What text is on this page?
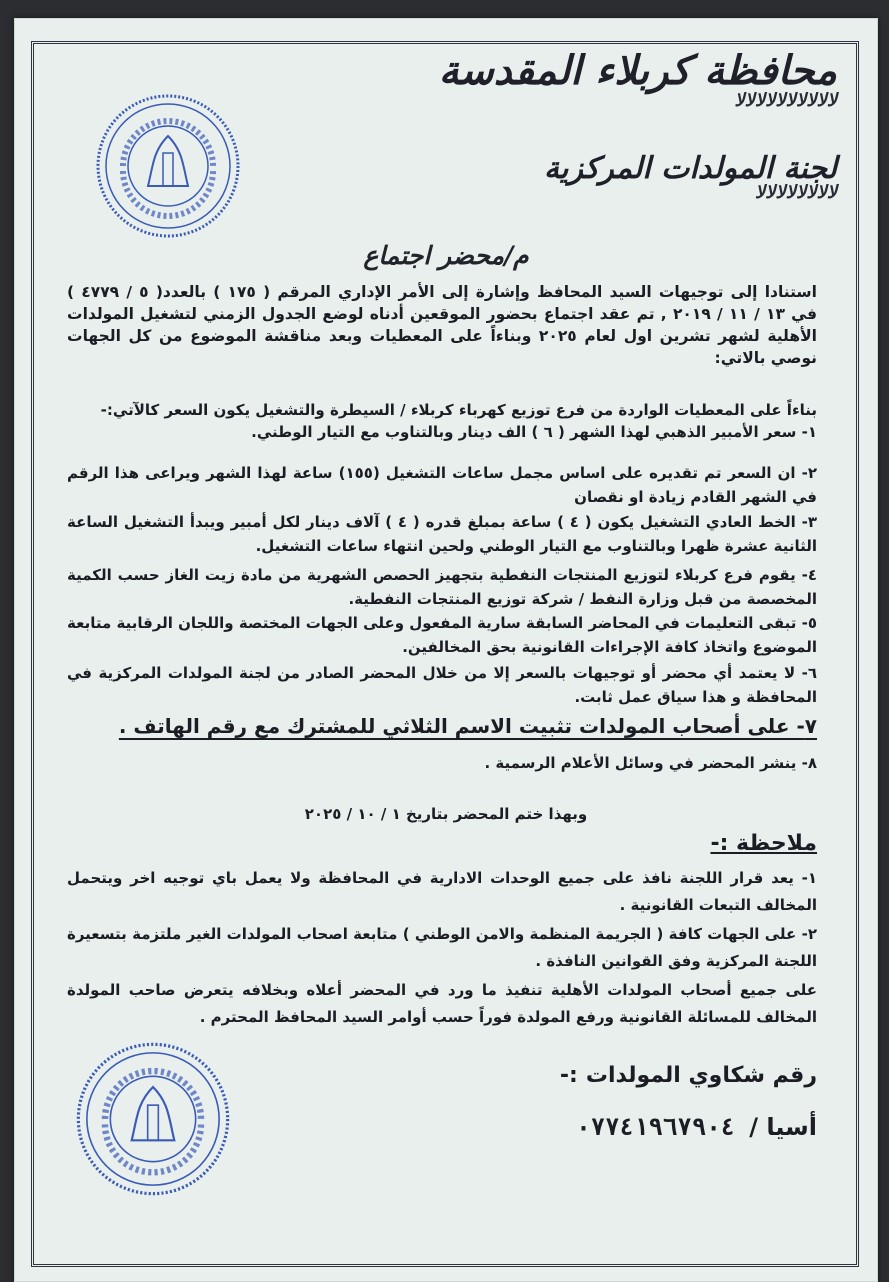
محافظة كربلاء المقدسة
ﻻﻻﻻﻻﻻﻻﻻﻻﻻﻻ
لجنة المولدات المركزية
ﻻﻻﻻﻻﻻﻻﻻﻻ
م/محضر اجتماع
استنادا إلى توجيهات السيد المحافظ وإشارة إلى الأمر الإداري المرقم ( ١٧٥ ) بالعدد( ٥ / ٤٧٧٩ ) في ١٣ / ١١ / ٢٠١٩ , تم عقد اجتماع بحضور الموقعين أدناه لوضع الجدول الزمني لتشغيل المولدات الأهلية لشهر تشرين اول لعام ٢٠٢٥ وبناءاً على المعطيات وبعد مناقشة الموضوع من كل الجهات نوصي بالاتي:
بناءاً على المعطيات الواردة من فرع توزيع كهرباء كربلاء / السيطرة والتشغيل يكون السعر كالآتي:-
١- سعر الأمبير الذهبي لهذا الشهر ( ٦ ) الف دينار وبالتناوب مع التيار الوطني.
٢- ان السعر تم تقديره على اساس مجمل ساعات التشغيل (١٥٥) ساعة لهذا الشهر ويراعى هذا الرقم في الشهر القادم زيادة او نقصان
٣- الخط العادي التشغيل يكون ( ٤ ) ساعة بمبلغ قدره ( ٤ ) آلاف دينار لكل أمبير ويبدأ التشغيل الساعة الثانية عشرة ظهرا وبالتناوب مع التيار الوطني ولحين انتهاء ساعات التشغيل.
٤- يقوم فرع كربلاء لتوزيع المنتجات النفطية بتجهيز الحصص الشهرية من مادة زيت الغاز حسب الكمية المخصصة من قبل وزارة النفط / شركة توزيع المنتجات النفطية.
٥- تبقى التعليمات في المحاضر السابقة سارية المفعول وعلى الجهات المختصة واللجان الرقابية متابعة الموضوع واتخاذ كافة الإجراءات القانونية بحق المخالفين.
٦- لا يعتمد أي محضر أو توجيهات بالسعر إلا من خلال المحضر الصادر من لجنة المولدات المركزية في المحافظة و هذا سياق عمل ثابت.
٧- على أصحاب المولدات تثبيت الاسم الثلاثي للمشترك مع رقم الهاتف .
٨- ينشر المحضر في وسائل الأعلام الرسمية .
وبهذا ختم المحضر بتاريخ ١ / ١٠ / ٢٠٢٥
ملاحظة :-
١- يعد قرار اللجنة نافذ على جميع الوحدات الادارية في المحافظة ولا يعمل باي توجيه اخر ويتحمل المخالف التبعات القانونية .
٢- على الجهات كافة ( الجريمة المنظمة والامن الوطني ) متابعة اصحاب المولدات الغير ملتزمة بتسعيرة اللجنة المركزية وفق القوانين النافذة .
على جميع أصحاب المولدات الأهلية تنفيذ ما ورد في المحضر أعلاه وبخلافه يتعرض صاحب المولدة المخالف للمسائلة القانونية ورفع المولدة فوراً حسب أوامر السيد المحافظ المحترم .
رقم شكاوي المولدات:-
أسيا /
٠٧٧٤١٩٦٧٩٠٤
